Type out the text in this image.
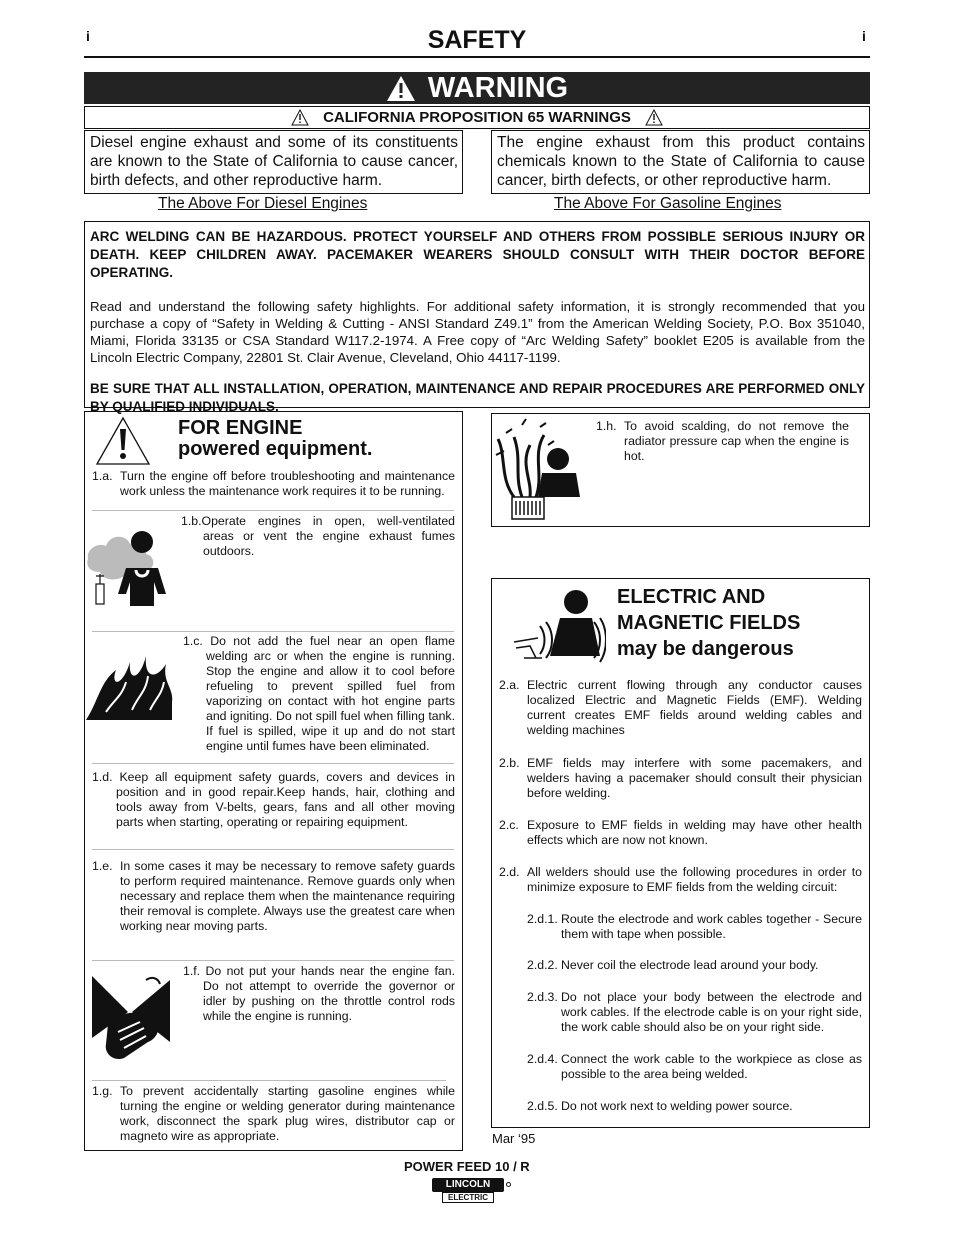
i	i
SAFETY
WARNING
CALIFORNIA PROPOSITION 65 WARNINGS
Diesel engine exhaust and some of its constituents are known to the State of California to cause cancer, birth defects, and other reproductive harm.
The engine exhaust from this product contains chemicals known to the State of California to cause cancer, birth defects, or other reproductive harm.
The Above For Diesel Engines	The Above For Gasoline Engines
ARC WELDING CAN BE HAZARDOUS. PROTECT YOURSELF AND OTHERS FROM POSSIBLE SERIOUS INJURY OR DEATH. KEEP CHILDREN AWAY. PACEMAKER WEARERS SHOULD CONSULT WITH THEIR DOCTOR BEFORE OPERATING.
Read and understand the following safety highlights. For additional safety information, it is strongly recommended that you purchase a copy of “Safety in Welding & Cutting - ANSI Standard Z49.1” from the American Welding Society, P.O. Box 351040, Miami, Florida 33135 or CSA Standard W117.2-1974. A Free copy of “Arc Welding Safety” booklet E205 is available from the Lincoln Electric Company, 22801 St. Clair Avenue, Cleveland, Ohio 44117-1199.
BE SURE THAT ALL INSTALLATION, OPERATION, MAINTENANCE AND REPAIR PROCEDURES ARE PERFORMED ONLY BY QUALIFIED INDIVIDUALS.
FOR ENGINE
powered equipment.
1.a. Turn the engine off before troubleshooting and maintenance work unless the maintenance work requires it to be running.
1.b.Operate engines in open, well-ventilated areas or vent the engine exhaust fumes outdoors.
1.c. Do not add the fuel near an open flame welding arc or when the engine is running. Stop the engine and allow it to cool before refueling to prevent spilled fuel from vaporizing on contact with hot engine parts and igniting. Do not spill fuel when filling tank. If fuel is spilled, wipe it up and do not start engine until fumes have been eliminated.
1.d. Keep all equipment safety guards, covers and devices in position and in good repair.Keep hands, hair, clothing and tools away from V-belts, gears, fans and all other moving parts when starting, operating or repairing equipment.
1.e. In some cases it may be necessary to remove safety guards to perform required maintenance. Remove guards only when necessary and replace them when the maintenance requiring their removal is complete. Always use the greatest care when working near moving parts.
1.f. Do not put your hands near the engine fan. Do not attempt to override the governor or idler by pushing on the throttle control rods while the engine is running.
1.g. To prevent accidentally starting gasoline engines while turning the engine or welding generator during maintenance work, disconnect the spark plug wires, distributor cap or magneto wire as appropriate.
1.h. To avoid scalding, do not remove the radiator pressure cap when the engine is hot.
~
ELECTRIC AND
MAGNETIC FIELDS
may be dangerous
2.a. Electric current flowing through any conductor causes localized Electric and Magnetic Fields (EMF). Welding current creates EMF fields around welding cables and welding machines
2.b. EMF fields may interfere with some pacemakers, and welders having a pacemaker should consult their physician before welding.
2.c. Exposure to EMF fields in welding may have other health effects which are now not known.
2.d. All welders should use the following procedures in order to minimize exposure to EMF fields from the welding circuit:
2.d.1. Route the electrode and work cables together - Secure them with tape when possible.
2.d.2. Never coil the electrode lead around your body.
2.d.3. Do not place your body between the electrode and work cables. If the electrode cable is on your right side, the work cable should also be on your right side.
2.d.4. Connect the work cable to the workpiece as close as possible to the area being welded.
2.d.5. Do not work next to welding power source.
Mar ‘95
POWER FEED 10 / R
LINCOLN
ELECTRIC
